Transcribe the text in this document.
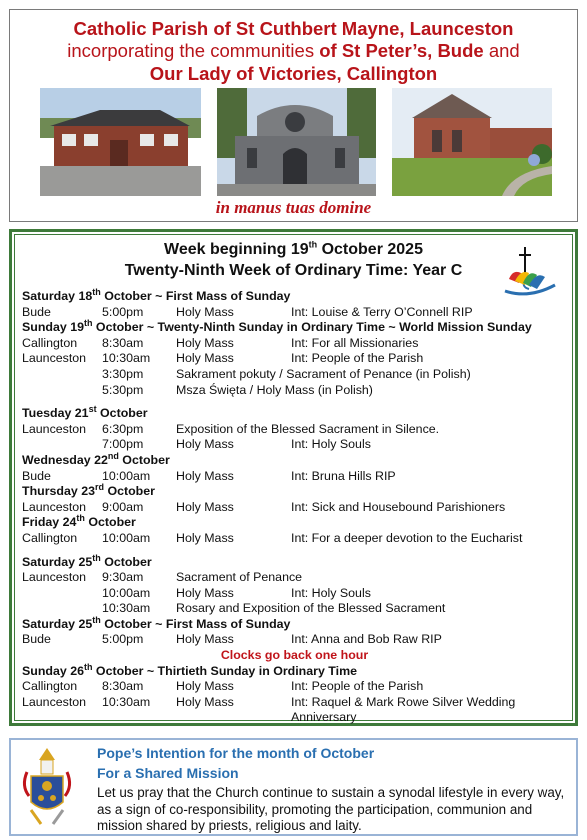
Catholic Parish of St Cuthbert Mayne, Launceston
incorporating the communities of St Peter’s, Bude and
Our Lady of Victories, Callington
in manus tuas domine
Week beginning 19th October 2025
Twenty-Ninth Week of Ordinary Time: Year C
Saturday 18th October ~ First Mass of Sunday
Bude	5:00pm	Holy Mass	Int: Louise & Terry O’Connell RIP
Sunday 19th October ~ Twenty-Ninth Sunday in Ordinary Time ~ World Mission Sunday
Callington 8:30am	Holy Mass	Int: For all Missionaries
Launceston 10:30am Holy Mass	Int: People of the Parish
3:30pm	Sakrament pokuty / Sacrament of Penance (in Polish)
5:30pm	Msza Święta / Holy Mass (in Polish)
Tuesday 21st October
Launceston 6:30pm	Exposition of the Blessed Sacrament in Silence.
7:00pm	Holy Mass	Int: Holy Souls
Wednesday 22nd October
Bude	10:00am Holy Mass	Int: Bruna Hills RIP
Thursday 23rd October
Launceston 9:00am	Holy Mass	Int: Sick and Housebound Parishioners
Friday 24th October
Callington 10:00am Holy Mass	Int: For a deeper devotion to the Eucharist
Saturday 25th October
Launceston 9:30am	Sacrament of Penance
10:00am Holy Mass	Int: Holy Souls
10:30am Rosary and Exposition of the Blessed Sacrament
Saturday 25th October ~ First Mass of Sunday
Bude	5:00pm	Holy Mass	Int: Anna and Bob Raw RIP
Clocks go back one hour
Sunday 26th October ~ Thirtieth Sunday in Ordinary Time
Callington 8:30am	Holy Mass	Int: People of the Parish
Launceston 10:30am Holy Mass	Int: Raquel & Mark Rowe Silver Wedding Anniversary
Pope’s Intention for the month of October
For a Shared Mission
Let us pray that the Church continue to sustain a synodal lifestyle in every way, as a sign of co-responsibility, promoting the participation, communion and mission shared by priests, religious and laity.
